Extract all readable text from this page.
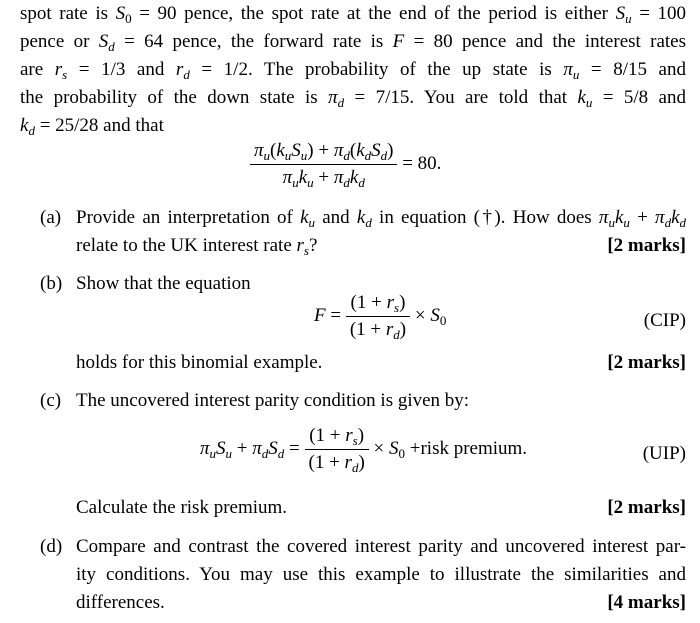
spot rate is $S_0 = 90$ pence, the spot rate at the end of the period is either $S_u = 100$
pence or $S_d = 64$ pence, the forward rate is F = 80 pence and the interest rates
are $r_s = 1/3$ and $r_d = 1/2$. The probability of the up state is $\pi_u = 8/15$ and
the probability of the down state is $\pi_d = 7/15$. You are told that $k_u = 5/8$ and
$k_d = 25/28$ and that
$\frac{\pi_u(k_uS_u) + \pi_d(k_dS_d)}{\pi_uk_u + \pi_dk_d} = 80$.
(a) Provide an interpretation of $k_u$ and $k_d$ in equation (†). How does $\pi_uk_u + \pi_dk_d$
relate to the UK interest rate $r_s$?	[2 marks]
(b) Show that the equation
$F = \frac{(1 + r_s)}{(1 + r_d)} \times S_0$	(CIP)
holds for this binomial example.	[2 marks]
(c) The uncovered interest parity condition is given by:
$\pi_uS_u + \pi_dS_d = \frac{(1 + r_s)}{(1 + r_d)} \times S_0$ +risk premium.	(UIP)
Calculate the risk premium.	[2 marks]
(d) Compare and contrast the covered interest parity and uncovered interest par-
ity conditions. You may use this example to illustrate the similarities and
differences.	[4 marks]
